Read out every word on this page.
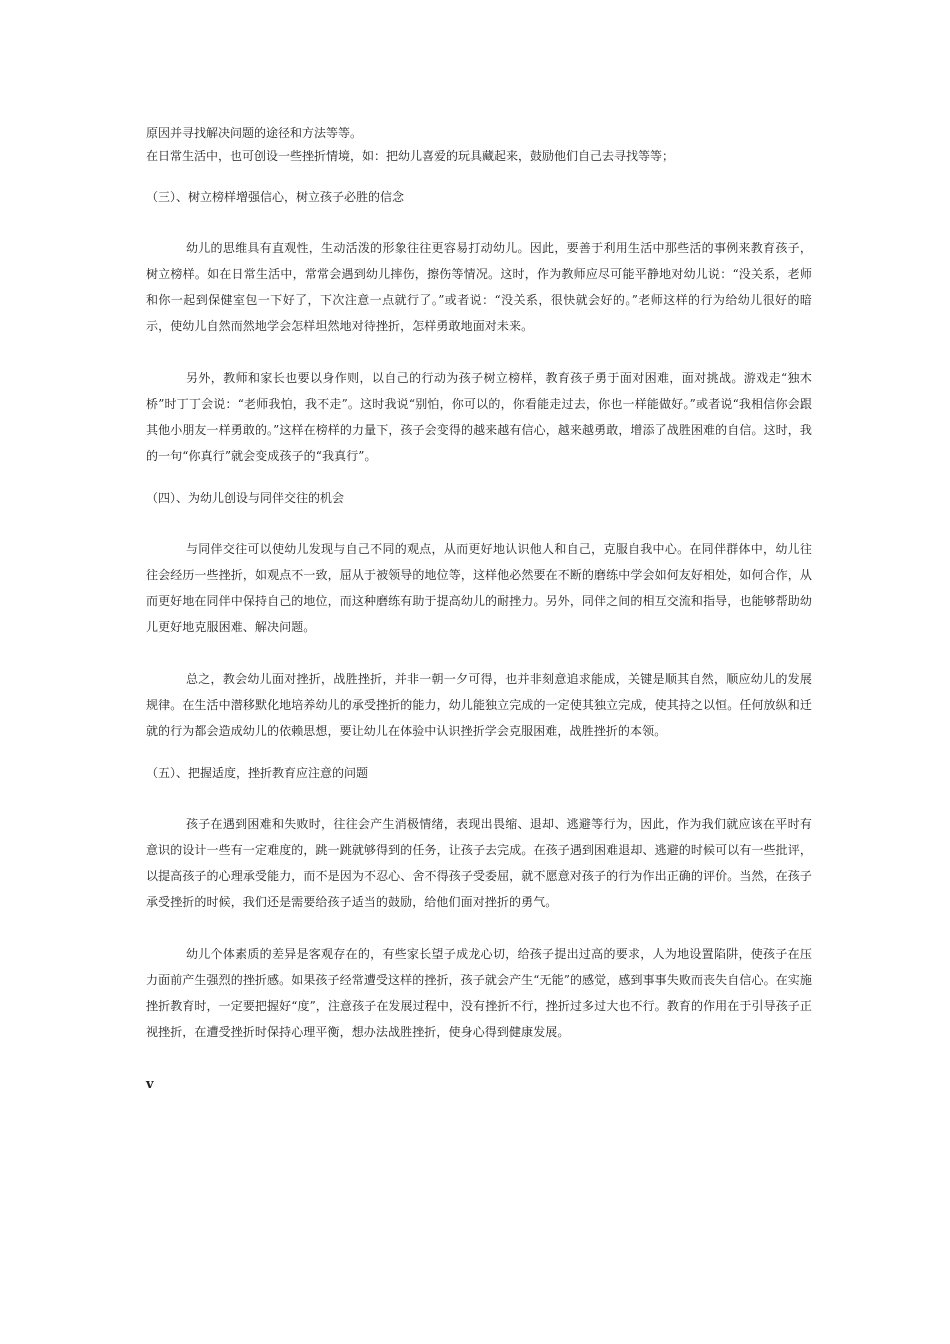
原因并寻找解决问题的途径和方法等等。

在日常生活中，也可创设一些挫折情境，如：把幼儿喜爱的玩具藏起来，鼓励他们自己去寻找等等；

（三）、树立榜样增强信心，树立孩子必胜的信念

幼儿的思维具有直观性，生动活泼的形象往往更容易打动幼儿。因此，要善于利用生活中那些活的事例来教育孩子，树立榜样。如在日常生活中，常常会遇到幼儿摔伤，擦伤等情况。这时，作为教师应尽可能平静地对幼儿说：“没关系，老师和你一起到保健室包一下好了，下次注意一点就行了。”或者说：“没关系，很快就会好的。”老师这样的行为给幼儿很好的暗示，使幼儿自然而然地学会怎样坦然地对待挫折，怎样勇敢地面对未来。

另外，教师和家长也要以身作则，以自己的行动为孩子树立榜样，教育孩子勇于面对困难，面对挑战。游戏走“独木桥”时丁丁会说：“老师我怕，我不走”。这时我说“别怕，你可以的，你看能走过去，你也一样能做好。”或者说“我相信你会跟其他小朋友一样勇敢的。”这样在榜样的力量下，孩子会变得的越来越有信心，越来越勇敢，增添了战胜困难的自信。这时，我的一句“你真行”就会变成孩子的“我真行”。

（四）、为幼儿创设与同伴交往的机会

与同伴交往可以使幼儿发现与自己不同的观点，从而更好地认识他人和自己，克服自我中心。在同伴群体中，幼儿往往会经历一些挫折，如观点不一致，屈从于被领导的地位等，这样他必然要在不断的磨练中学会如何友好相处，如何合作，从而更好地在同伴中保持自己的地位，而这种磨练有助于提高幼儿的耐挫力。另外，同伴之间的相互交流和指导，也能够帮助幼儿更好地克服困难、解决问题。

总之，教会幼儿面对挫折，战胜挫折，并非一朝一夕可得，也并非刻意追求能成，关键是顺其自然，顺应幼儿的发展规律。在生活中潜移默化地培养幼儿的承受挫折的能力，幼儿能独立完成的一定使其独立完成，使其持之以恒。任何放纵和迁就的行为都会造成幼儿的依赖思想，要让幼儿在体验中认识挫折学会克服困难，战胜挫折的本领。

（五）、把握适度，挫折教育应注意的问题

孩子在遇到困难和失败时，往往会产生消极情绪，表现出畏缩、退却、逃避等行为，因此，作为我们就应该在平时有意识的设计一些有一定难度的，跳一跳就够得到的任务，让孩子去完成。在孩子遇到困难退却、逃避的时候可以有一些批评，以提高孩子的心理承受能力，而不是因为不忍心、舍不得孩子受委屈，就不愿意对孩子的行为作出正确的评价。当然，在孩子承受挫折的时候，我们还是需要给孩子适当的鼓励，给他们面对挫折的勇气。

幼儿个体素质的差异是客观存在的，有些家长望子成龙心切，给孩子提出过高的要求，人为地设置陷阱，使孩子在压力面前产生强烈的挫折感。如果孩子经常遭受这样的挫折，孩子就会产生“无能”的感觉，感到事事失败而丧失自信心。在实施挫折教育时，一定要把握好“度”，注意孩子在发展过程中，没有挫折不行，挫折过多过大也不行。教育的作用在于引导孩子正视挫折，在遭受挫折时保持心理平衡，想办法战胜挫折，使身心得到健康发展。

v
